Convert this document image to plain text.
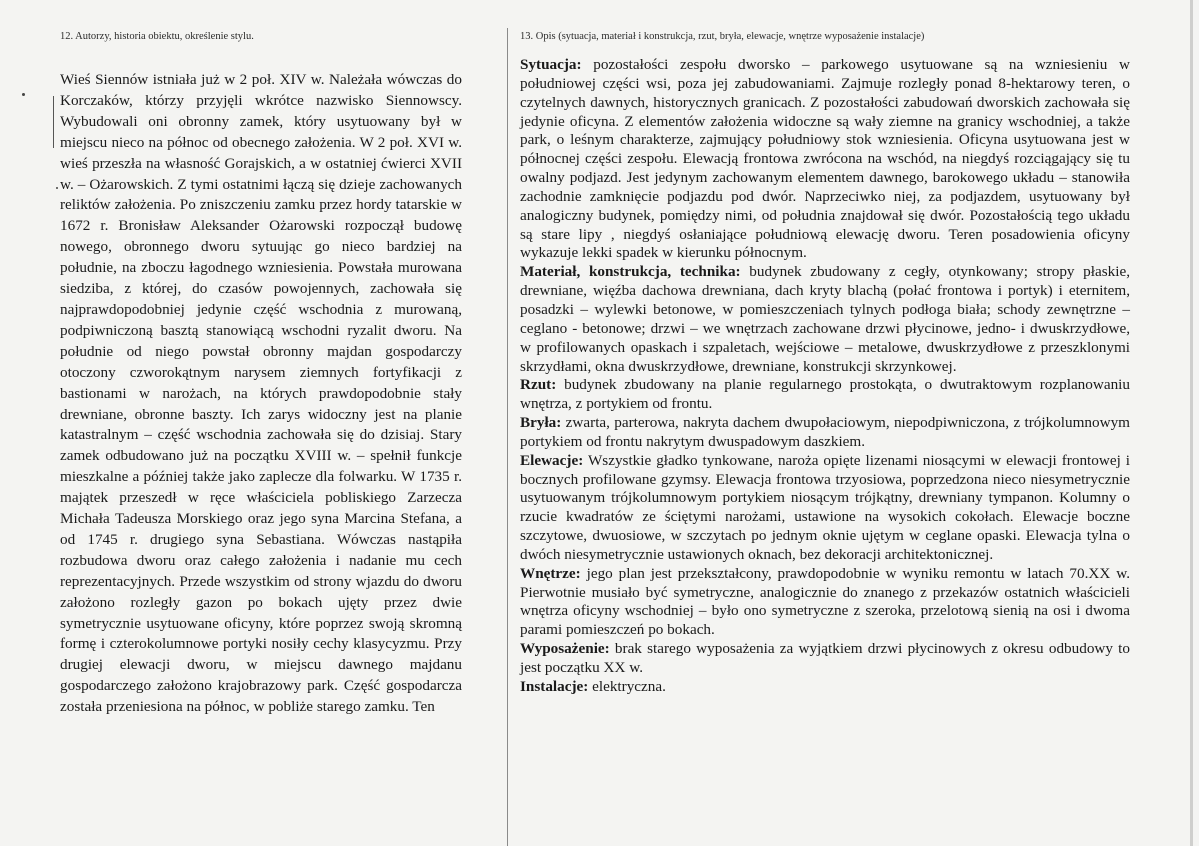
12. Autorzy, historia obiektu, określenie stylu.

Wieś Siennów istniała już w 2 poł. XIV w. Należała wówczas do Korczaków, którzy przyjęli wkrótce nazwisko Siennowscy. Wybudowali oni obronny zamek, który usytuowany był w miejscu nieco na północ od obecnego założenia. W 2 poł. XVI w. wieś przeszła na własność Gorajskich, a w ostatniej ćwierci XVII w. – Ożarowskich. Z tymi ostatnimi łączą się dzieje zachowanych reliktów założenia. Po zniszczeniu zamku przez hordy tatarskie w 1672 r. Bronisław Aleksander Ożarowski rozpoczął budowę nowego, obronnego dworu sytuując go nieco bardziej na południe, na zboczu łagodnego wzniesienia. Powstała murowana siedziba, z której, do czasów powojennych, zachowała się najprawdopodobniej jedynie część wschodnia z murowaną, podpiwniczoną basztą stanowiącą wschodni ryzalit dworu. Na południe od niego powstał obronny majdan gospodarczy otoczony czworokątnym narysem ziemnych fortyfikacji z bastionami w narożach, na których prawdopodobnie stały drewniane, obronne baszty. Ich zarys widoczny jest na planie katastralnym – część wschodnia zachowała się do dzisiaj. Stary zamek odbudowano już na początku XVIII w. – spełnił funkcje mieszkalne a później także jako zaplecze dla folwarku. W 1735 r. majątek przeszedł w ręce właściciela pobliskiego Zarzecza Michała Tadeusza Morskiego oraz jego syna Marcina Stefana, a od 1745 r. drugiego syna Sebastiana. Wówczas nastąpiła rozbudowa dworu oraz całego założenia i nadanie mu cech reprezentacyjnych. Przede wszystkim od strony wjazdu do dworu założono rozległy gazon po bokach ujęty przez dwie symetrycznie usytuowane oficyny, które poprzez swoją skromną formę i czterokolumnowe portyki nosiły cechy klasycyzmu. Przy drugiej elewacji dworu, w miejscu dawnego majdanu gospodarczego założono krajobrazowy park. Część gospodarcza została przeniesiona na północ, w pobliże starego zamku. Ten

13. Opis (sytuacja, materiał i konstrukcja, rzut, bryła, elewacje, wnętrze wyposażenie instalacje)

Sytuacja: pozostałości zespołu dworsko – parkowego usytuowane są na wzniesieniu w południowej części wsi, poza jej zabudowaniami. Zajmuje rozległy ponad 8-hektarowy teren, o czytelnych dawnych, historycznych granicach. Z pozostałości zabudowań dworskich zachowała się jedynie oficyna. Z elementów założenia widoczne są wały ziemne na granicy wschodniej, a także park, o leśnym charakterze, zajmujący południowy stok wzniesienia. Oficyna usytuowana jest w północnej części zespołu. Elewacją frontowa zwrócona na wschód, na niegdyś rozciągający się tu owalny podjazd. Jest jedynym zachowanym elementem dawnego, barokowego układu – stanowiła zachodnie zamknięcie podjazdu pod dwór. Naprzeciwko niej, za podjazdem, usytuowany był analogiczny budynek, pomiędzy nimi, od południa znajdował się dwór. Pozostałością tego układu są stare lipy , niegdyś osłaniające południową elewację dworu. Teren posadowienia oficyny wykazuje lekki spadek w kierunku północnym.

Materiał, konstrukcja, technika: budynek zbudowany z cegły, otynkowany; stropy płaskie, drewniane, więźba dachowa drewniana, dach kryty blachą (połać frontowa i portyk) i eternitem, posadzki – wylewki betonowe, w pomieszczeniach tylnych podłoga biała; schody zewnętrzne – ceglano - betonowe; drzwi – we wnętrzach zachowane drzwi płycinowe, jedno- i dwuskrzydłowe, w profilowanych opaskach i szpaletach, wejściowe – metalowe, dwuskrzydłowe z przeszklonymi skrzydłami, okna dwuskrzydłowe, drewniane, konstrukcji skrzynkowej.

Rzut: budynek zbudowany na planie regularnego prostokąta, o dwutraktowym rozplanowaniu wnętrza, z portykiem od frontu.

Bryła: zwarta, parterowa, nakryta dachem dwupołaciowym, niepodpiwniczona, z trójkolumnowym portykiem od frontu nakrytym dwuspadowym daszkiem.

Elewacje: Wszystkie gładko tynkowane, naroża opięte lizenami niosącymi w elewacji frontowej i bocznych profilowane gzymsy. Elewacja frontowa trzyosiowa, poprzedzona nieco niesymetrycznie usytuowanym trójkolumnowym portykiem niosącym trójkątny, drewniany tympanon. Kolumny o rzucie kwadratów ze ściętymi narożami, ustawione na wysokich cokołach. Elewacje boczne szczytowe, dwuosiowe, w szczytach po jednym oknie ujętym w ceglane opaski. Elewacja tylna o dwóch niesymetrycznie ustawionych oknach, bez dekoracji architektonicznej.

Wnętrze: jego plan jest przekształcony, prawdopodobnie w wyniku remontu w latach 70.XX w. Pierwotnie musiało być symetryczne, analogicznie do znanego z przekazów ostatnich właścicieli wnętrza oficyny wschodniej – było ono symetryczne z szeroka, przelotową sienią na osi i dwoma parami pomieszczeń po bokach.

Wyposażenie: brak starego wyposażenia za wyjątkiem drzwi płycinowych z okresu odbudowy to jest początku XX w.

Instalacje: elektryczna.
